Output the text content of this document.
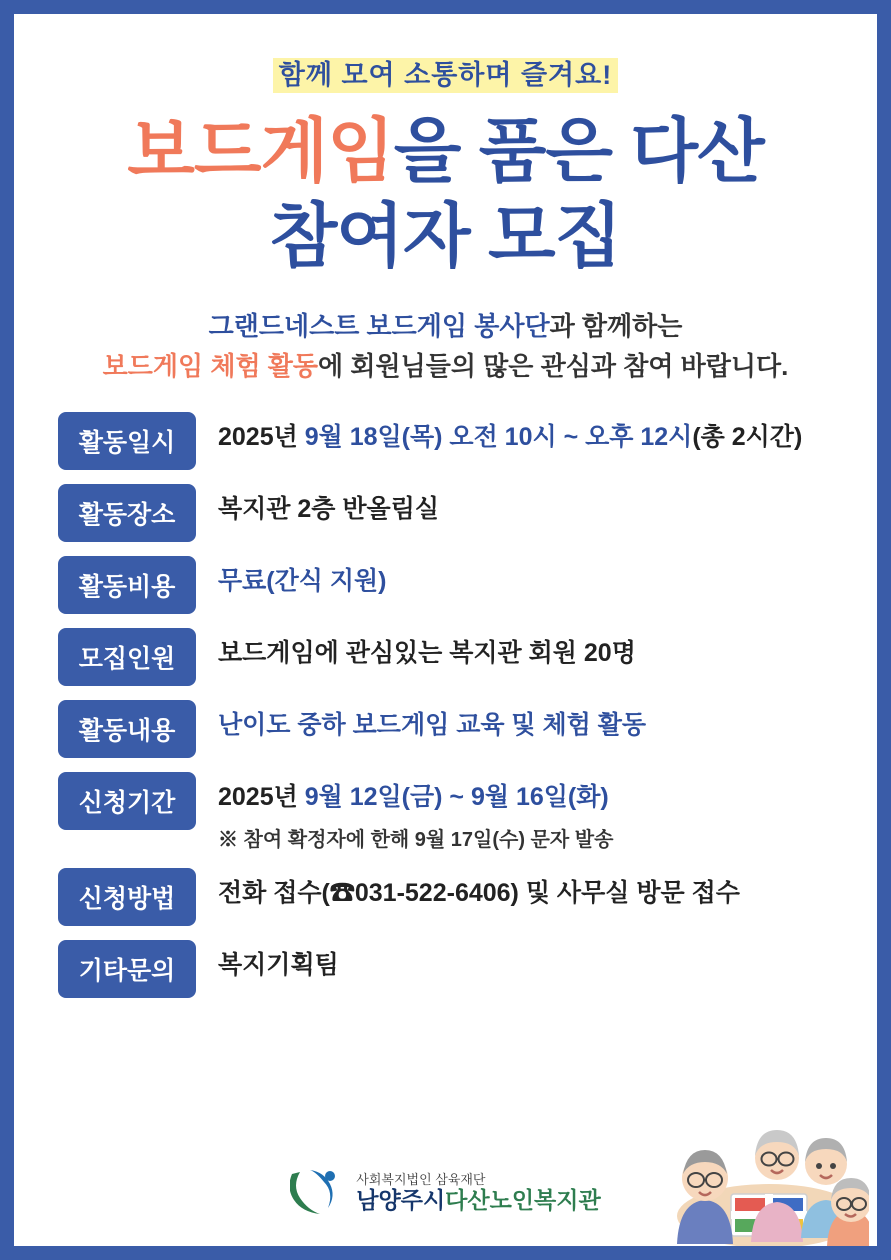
함께 모여 소통하며 즐겨요!
보드게임을 품은 다산
참여자 모집
그랜드네스트 보드게임 봉사단과 함께하는
보드게임 체험 활동에 회원님들의 많은 관심과 참여 바랍니다.
활동일시	2025년 9월 18일(목) 오전 10시 ~ 오후 12시(총 2시간)
활동장소	복지관 2층 반올림실
활동비용	무료(간식 지원)
모집인원	보드게임에 관심있는 복지관 회원 20명
활동내용	난이도 중하 보드게임 교육 및 체험 활동
신청기간	2025년 9월 12일(금) ~ 9월 16일(화)
※ 참여 확정자에 한해 9월 17일(수) 문자 발송
신청방법	전화 접수(☎031-522-6406) 및 사무실 방문 접수
기타문의	복지기획팀
사회복지법인 삼육재단
남양주시다산노인복지관
